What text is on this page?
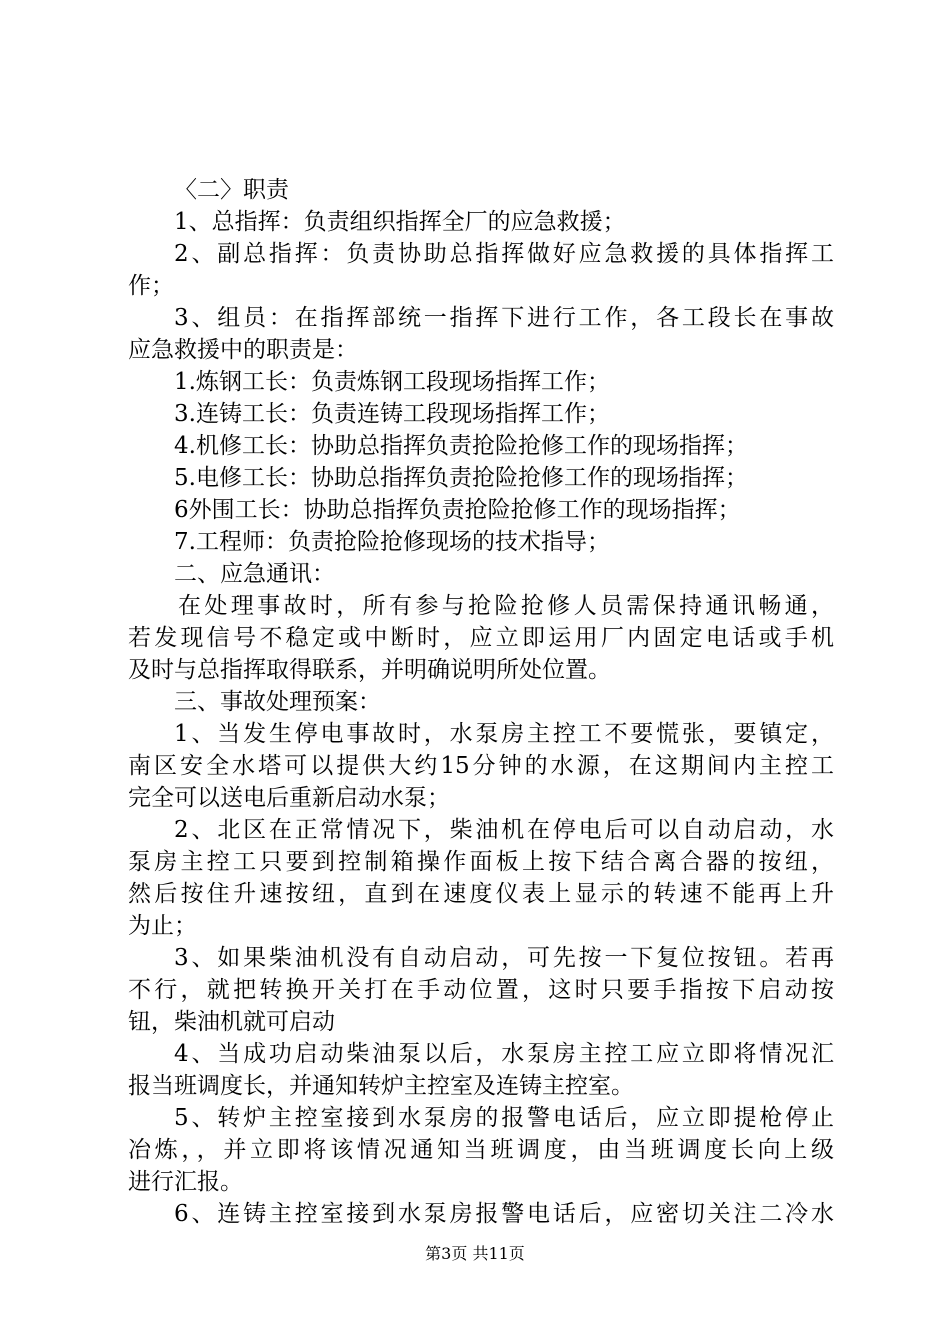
〈二〉职责
1、总指挥：负责组织指挥全厂的应急救援；
2、副总指挥：负责协助总指挥做好应急救援的具体指挥工
作；
3、组员：在指挥部统一指挥下进行工作，各工段长在事故
应急救援中的职责是：
1.炼钢工长：负责炼钢工段现场指挥工作；
3.连铸工长：负责连铸工段现场指挥工作；
4.机修工长：协助总指挥负责抢险抢修工作的现场指挥；
5.电修工长：协助总指挥负责抢险抢修工作的现场指挥；
6外围工长：协助总指挥负责抢险抢修工作的现场指挥；
7.工程师：负责抢险抢修现场的技术指导；
二、应急通讯：
在处理事故时，所有参与抢险抢修人员需保持通讯畅通，
若发现信号不稳定或中断时，应立即运用厂内固定电话或手机
及时与总指挥取得联系，并明确说明所处位置。
三、事故处理预案：
1、当发生停电事故时，水泵房主控工不要慌张，要镇定，
南区安全水塔可以提供大约15分钟的水源，在这期间内主控工
完全可以送电后重新启动水泵；
2、北区在正常情况下，柴油机在停电后可以自动启动，水
泵房主控工只要到控制箱操作面板上按下结合离合器的按纽，
然后按住升速按纽，直到在速度仪表上显示的转速不能再上升
为止；
3、如果柴油机没有自动启动，可先按一下复位按钮。若再
不行，就把转换开关打在手动位置，这时只要手指按下启动按
钮，柴油机就可启动
4、当成功启动柴油泵以后，水泵房主控工应立即将情况汇
报当班调度长，并通知转炉主控室及连铸主控室。
5、转炉主控室接到水泵房的报警电话后，应立即提枪停止
冶炼，，并立即将该情况通知当班调度，由当班调度长向上级
进行汇报。
6、连铸主控室接到水泵房报警电话后，应密切关注二冷水
第3页 共11页
